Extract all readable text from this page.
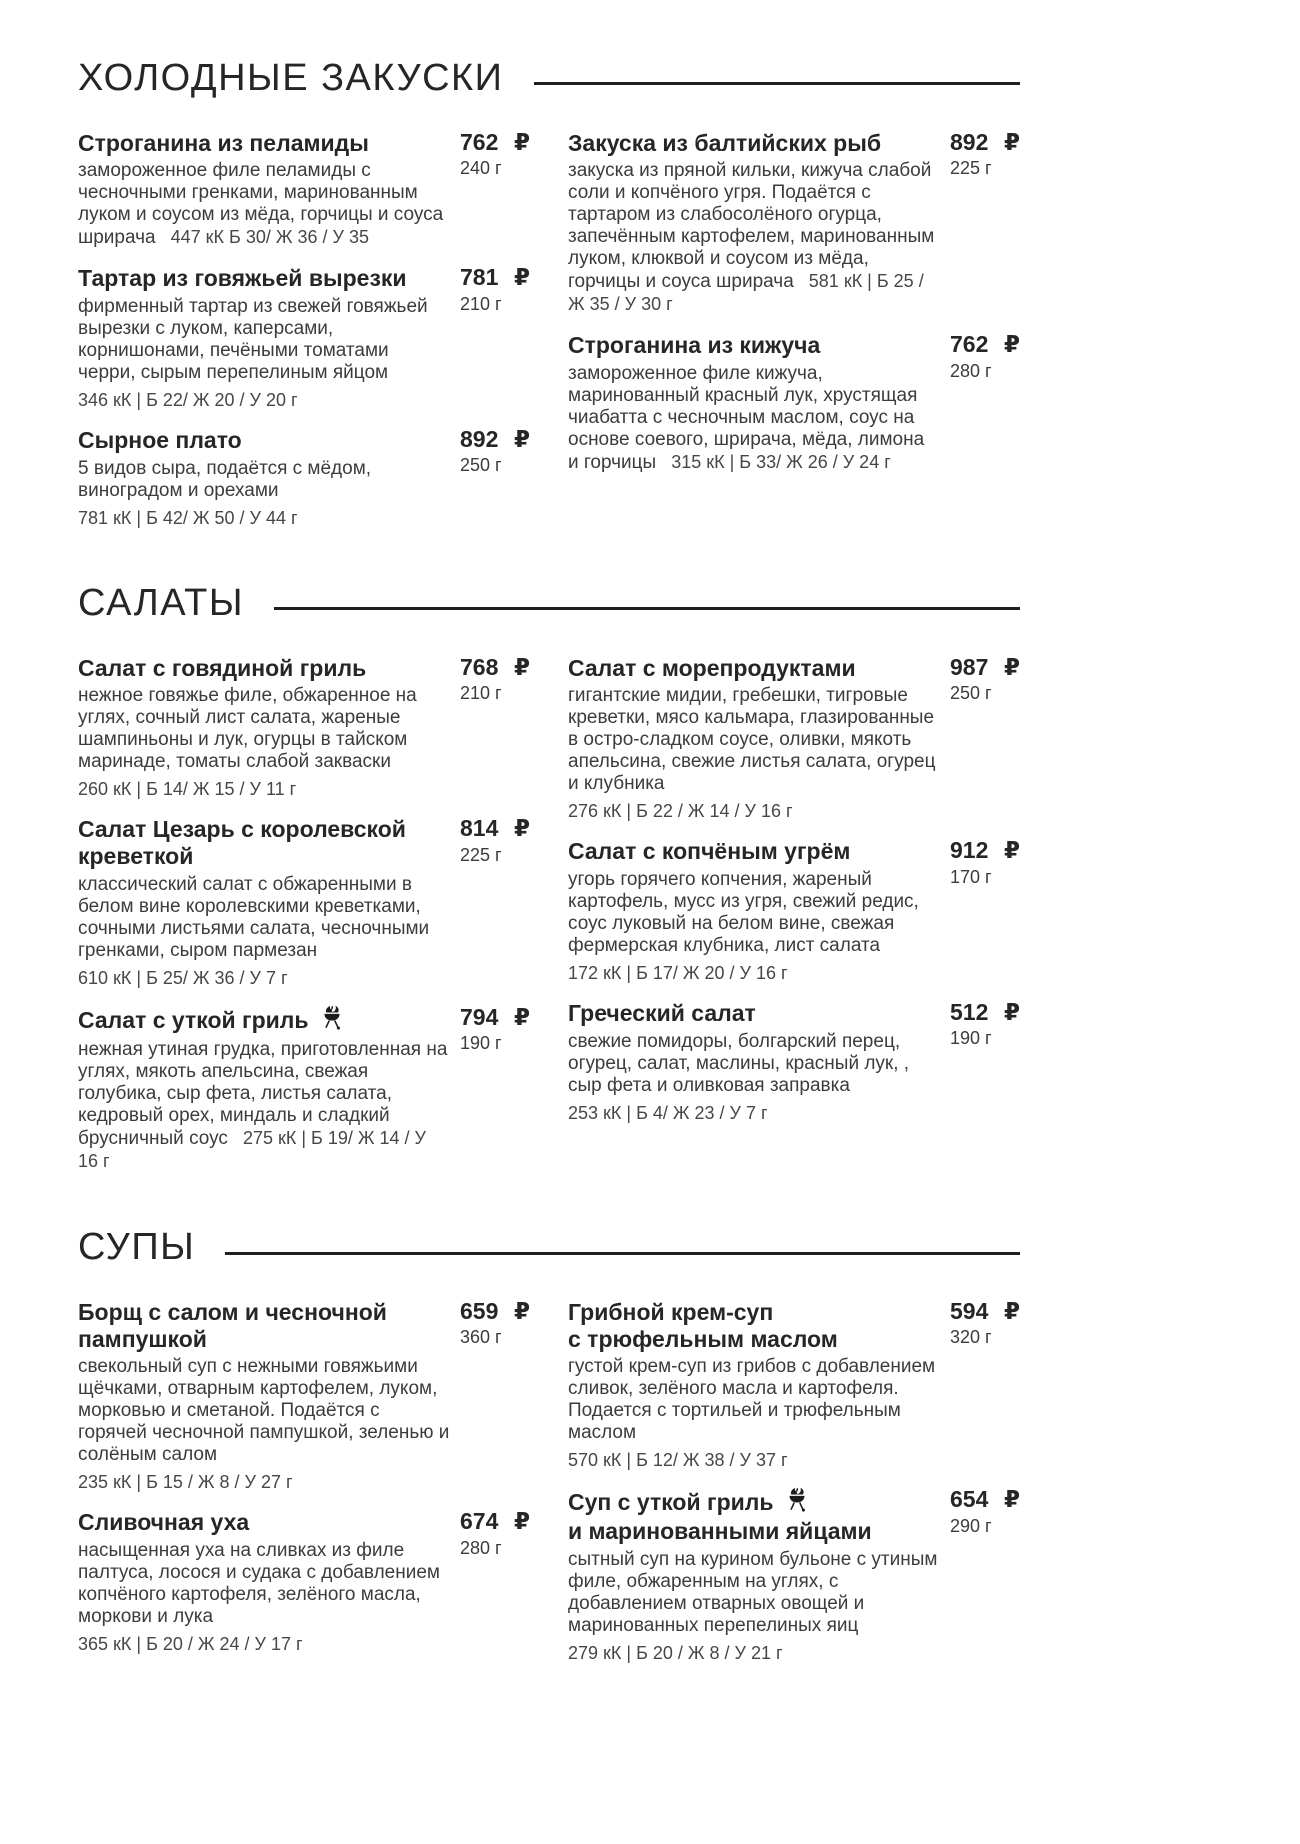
ХОЛОДНЫЕ ЗАКУСКИ
Строганина из пеламиды

замороженное филе пеламиды с чесночными гренками, маринованным луком и соусом из мёда, горчицы и соуса шрирача 447 кК Б 30/ Ж 36 / У 35

762 ₽
240 г
Тартар из говяжьей вырезки

фирменный тартар из свежей говяжьей вырезки с луком, каперсами, корнишонами, печёными томатами черри, сырым перепелиным яйцом

346 кК | Б 22/ Ж 20 / У 20 г
781 ₽
210 г
Сырное плато

5 видов сыра, подаётся с мёдом, виноградом и орехами

781 кК | Б 42/ Ж 50 / У 44 г
892 ₽
250 г
Закуска из балтийских рыб

закуска из пряной кильки, кижуча слабой соли и копчёного угря. Подаётся с тартаром из слабосолёного огурца, запечённым картофелем, маринованным луком, клюквой и соусом из мёда, горчицы и соуса шрирача 581 кК | Б 25 / Ж 35 / У 30 г

892 ₽
225 г
Строганина из кижуча

замороженное филе кижуча, маринованный красный лук, хрустящая чиабатта с чесночным маслом, соус на основе соевого, шрирача, мёда, лимона и горчицы 315 кК | Б 33/ Ж 26 / У 24 г

762 ₽
280 г
САЛАТЫ
Салат с говядиной гриль

нежное говяжье филе, обжаренное на углях, сочный лист салата, жареные шампиньоны и лук, огурцы в тайском маринаде, томаты слабой закваски

260 кК | Б 14/ Ж 15 / У 11 г
768 ₽
210 г
Салат Цезарь с королевской
креветкой

классический салат с обжаренными в белом вине королевскими креветками, сочными листьями салата, чесночными гренками, сыром пармезан

610 кК | Б 25/ Ж 36 / У 7 г
814 ₽
225 г
Салат с уткой гриль

нежная утиная грудка, приготовленная на углях, мякоть апельсина, свежая голубика, сыр фета, листья салата, кедровый орех, миндаль и сладкий брусничный соус 275 кК | Б 19/ Ж 14 / У 16 г

794 ₽
190 г
Салат с морепродуктами

гигантские мидии, гребешки, тигровые креветки, мясо кальмара, глазированные в остро-сладком соусе, оливки, мякоть апельсина, свежие листья салата, огурец и клубника

276 кК | Б 22 / Ж 14 / У 16 г
987 ₽
250 г
Салат с копчёным угрём

угорь горячего копчения, жареный картофель, мусс из угря, свежий редис, соус луковый на белом вине, свежая фермерская клубника, лист салата

172 кК | Б 17/ Ж 20 / У 16 г
912 ₽
170 г
Греческий салат

свежие помидоры, болгарский перец, огурец, салат, маслины, красный лук, , сыр фета и оливковая заправка

253 кК | Б 4/ Ж 23 / У 7 г
512 ₽
190 г
СУПЫ
Борщ с салом и чесночной
пампушкой

свекольный суп с нежными говяжьими щёчками, отварным картофелем, луком, морковью и сметаной. Подаётся с горячей чесночной пампушкой, зеленью и солёным салом

235 кК | Б 15 / Ж 8 / У 27 г
659 ₽
360 г
Сливочная уха

насыщенная уха на сливках из филе палтуса, лосося и судака с добавлением копчёного картофеля, зелёного масла, моркови и лука

365 кК | Б 20 / Ж 24 / У 17 г
674 ₽
280 г
Грибной крем-суп
с трюфельным маслом

густой крем-суп из грибов с добавлением сливок, зелёного масла и картофеля. Подается с тортильей и трюфельным маслом

570 кК | Б 12/ Ж 38 / У 37 г
594 ₽
320 г
Суп с уткой гриль
и маринованными яйцами

сытный суп на курином бульоне с утиным филе, обжаренным на углях, с добавлением отварных овощей и маринованных перепелиных яиц

279 кК | Б 20 / Ж 8 / У 21 г
654 ₽
290 г
